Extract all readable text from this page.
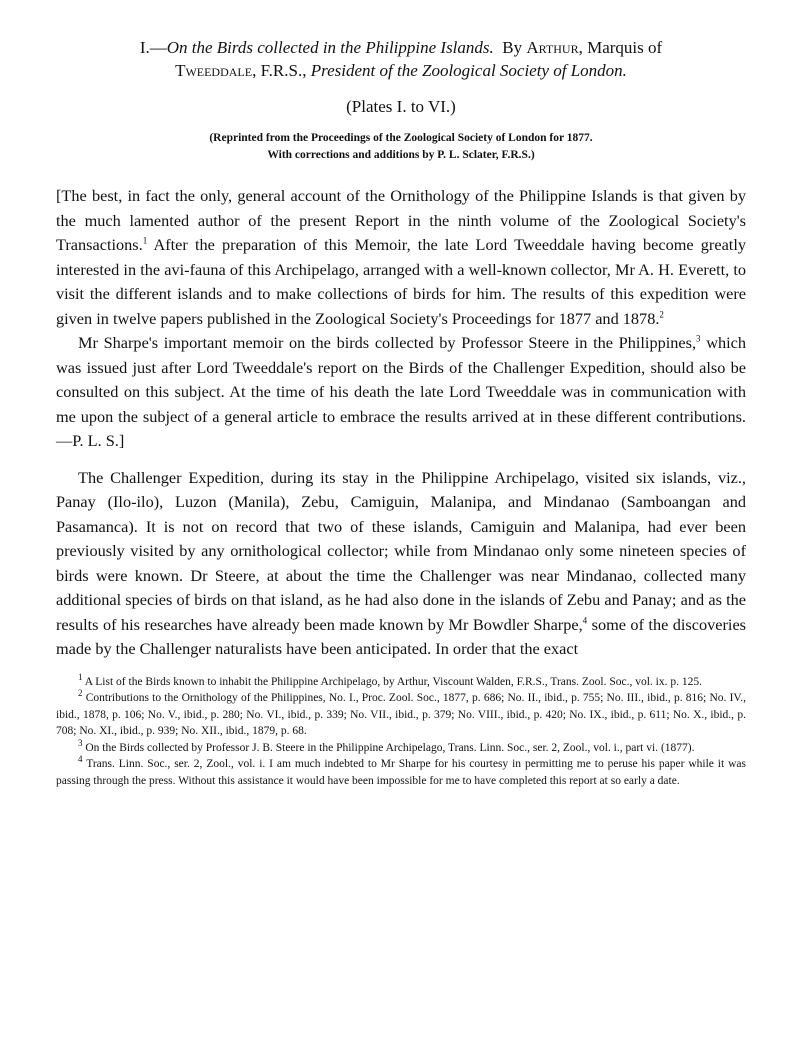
I.—On the Birds collected in the Philippine Islands. By Arthur, Marquis of
Tweeddale, F.R.S., President of the Zoological Society of London.
(Plates I. to VI.)
(Reprinted from the Proceedings of the Zoological Society of London for 1877.
With corrections and additions by P. L. Sclater, F.R.S.)

[The best, in fact the only, general account of the Ornithology of the Philippine Islands is that given by the much lamented author of the present Report in the ninth volume of the Zoological Society's Transactions.$^1$ After the preparation of this Memoir, the late Lord Tweeddale having become greatly interested in the avi-fauna of this Archipelago, arranged with a well-known collector, Mr A. H. Everett, to visit the different islands and to make collections of birds for him. The results of this expedition were given in twelve papers published in the Zoological Society's Proceedings for 1877 and 1878.$^2$

Mr Sharpe's important memoir on the birds collected by Professor Steere in the Philippines,$^3$ which was issued just after Lord Tweeddale's report on the Birds of the Challenger Expedition, should also be consulted on this subject. At the time of his death the late Lord Tweeddale was in communication with me upon the subject of a general article to embrace the results arrived at in these different contributions.—P. L. S.]

The Challenger Expedition, during its stay in the Philippine Archipelago, visited six islands, viz., Panay (Ilo-ilo), Luzon (Manila), Zebu, Camiguin, Malanipa, and Mindanao (Samboangan and Pasamanca). It is not on record that two of these islands, Camiguin and Malanipa, had ever been previously visited by any ornithological collector; while from Mindanao only some nineteen species of birds were known. Dr Steere, at about the time the Challenger was near Mindanao, collected many additional species of birds on that island, as he had also done in the islands of Zebu and Panay; and as the results of his researches have already been made known by Mr Bowdler Sharpe,$^4$ some of the discoveries made by the Challenger naturalists have been anticipated. In order that the exact

$^1$ A List of the Birds known to inhabit the Philippine Archipelago, by Arthur, Viscount Walden, F.R.S., Trans. Zool. Soc., vol. ix. p. 125.

$^2$ Contributions to the Ornithology of the Philippines, No. I., Proc. Zool. Soc., 1877, p. 686; No. II., ibid., p. 755; No. III., ibid., p. 816; No. IV., ibid., 1878, p. 106; No. V., ibid., p. 280; No. VI., ibid., p. 339; No. VII., ibid., p. 379; No. VIII., ibid., p. 420; No. IX., ibid., p. 611; No. X., ibid., p. 708; No. XI., ibid., p. 939; No. XII., ibid., 1879, p. 68.

$^3$ On the Birds collected by Professor J. B. Steere in the Philippine Archipelago, Trans. Linn. Soc., ser. 2, Zool., vol. i., part vi. (1877).

$^4$ Trans. Linn. Soc., ser. 2, Zool., vol. i. I am much indebted to Mr Sharpe for his courtesy in permitting me to peruse his paper while it was passing through the press. Without this assistance it would have been impossible for me to have completed this report at so early a date.
